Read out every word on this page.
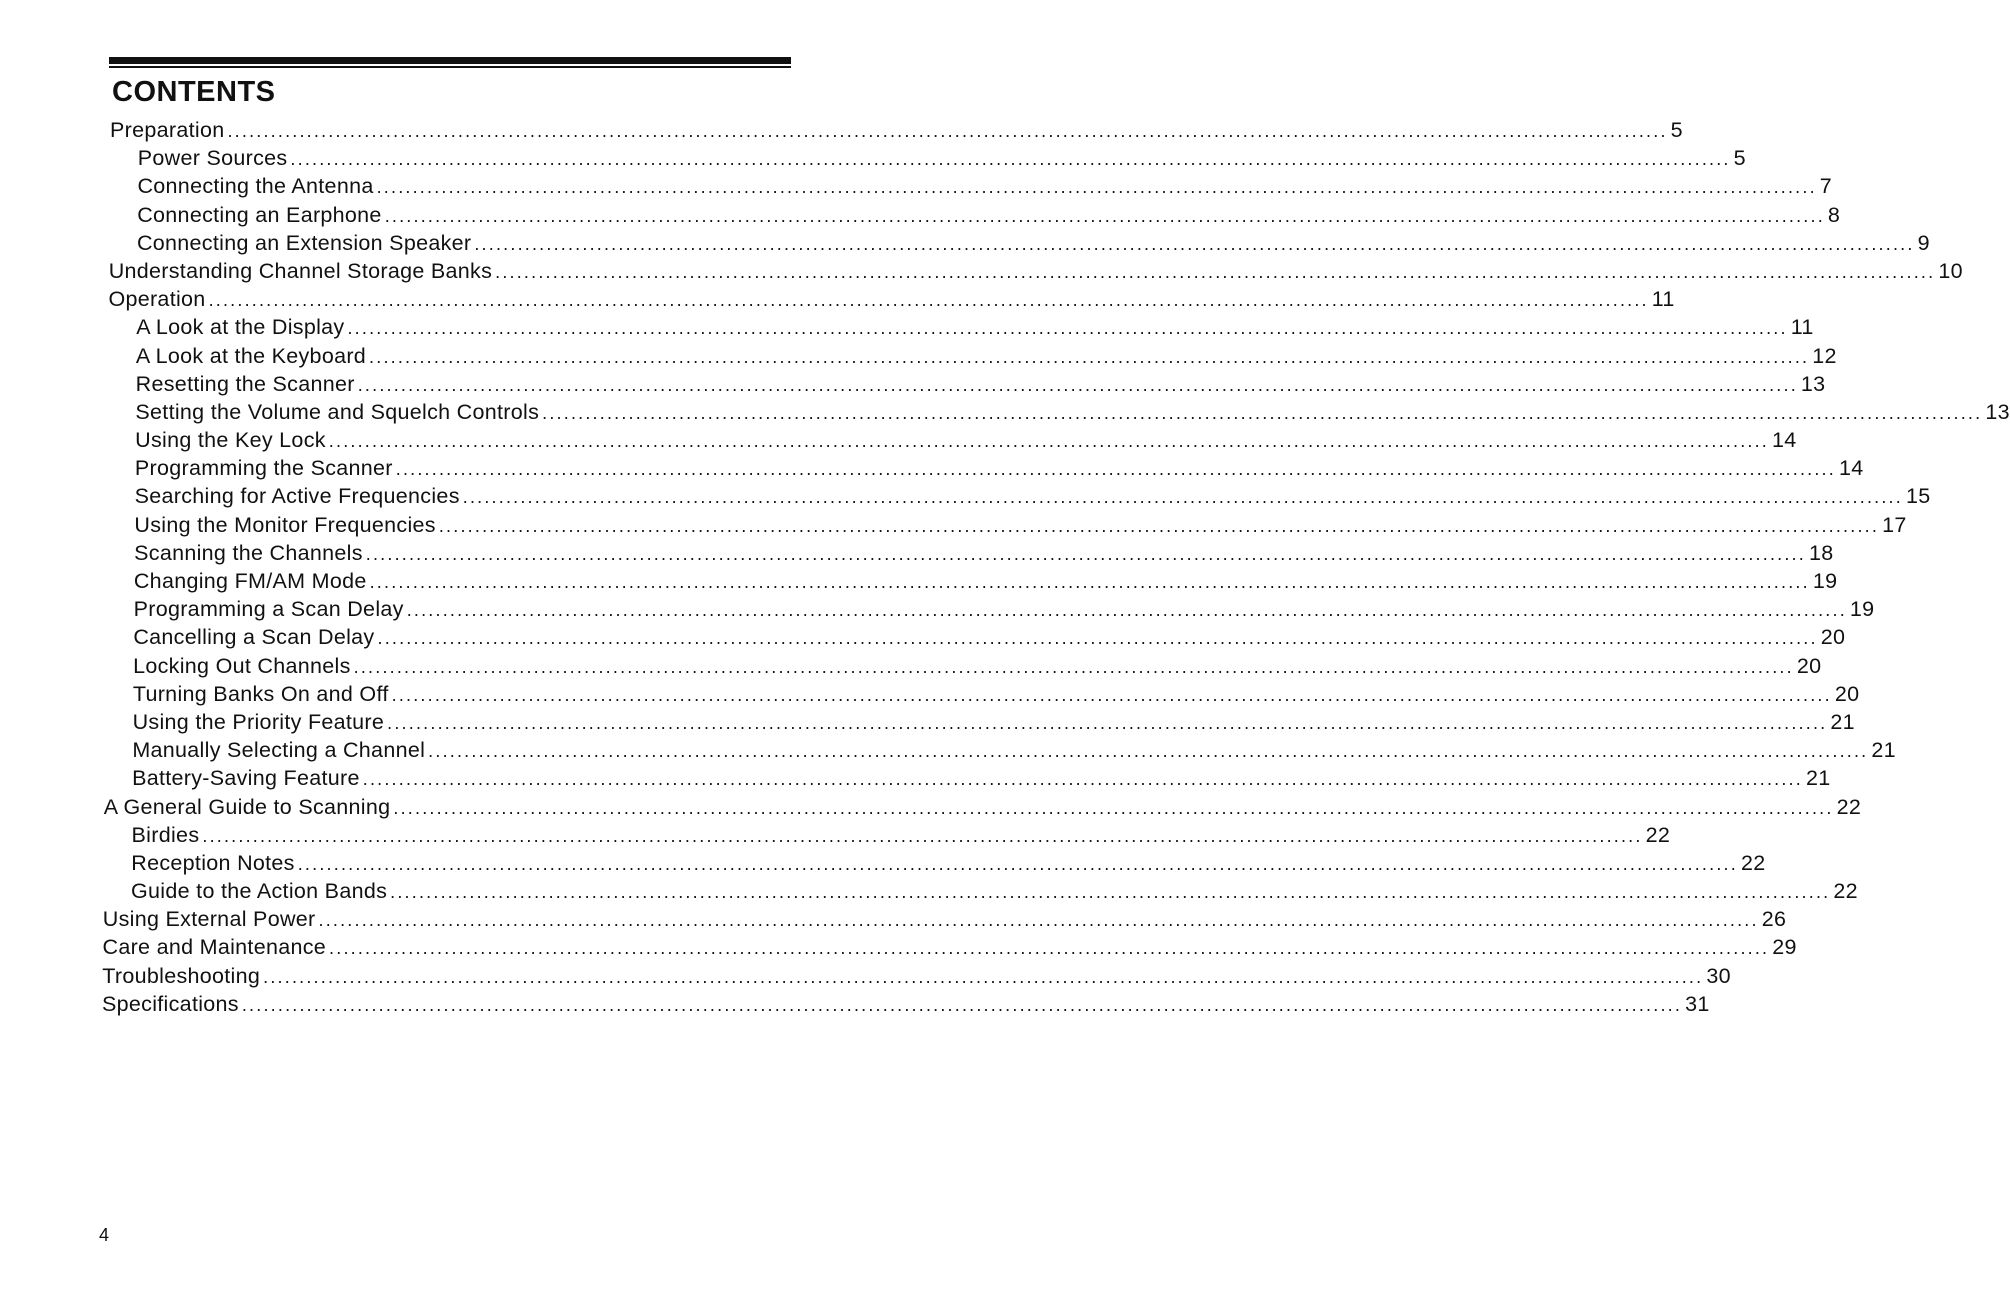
CONTENTS
Preparation ........................................................................................................................................................................................................ 5
Power Sources ........................................................................................................................................................................................................ 5
Connecting the Antenna ........................................................................................................................................................................................................ 7
Connecting an Earphone ........................................................................................................................................................................................................ 8
Connecting an Extension Speaker ........................................................................................................................................................................................................ 9
Understanding Channel Storage Banks ........................................................................................................................................................................................................ 10
Operation ........................................................................................................................................................................................................ 11
A Look at the Display ........................................................................................................................................................................................................ 11
A Look at the Keyboard ........................................................................................................................................................................................................ 12
Resetting the Scanner ........................................................................................................................................................................................................ 13
Setting the Volume and Squelch Controls ........................................................................................................................................................................................................ 13
Using the Key Lock ........................................................................................................................................................................................................ 14
Programming the Scanner ........................................................................................................................................................................................................ 14
Searching for Active Frequencies ........................................................................................................................................................................................................ 15
Using the Monitor Frequencies ........................................................................................................................................................................................................ 17
Scanning the Channels ........................................................................................................................................................................................................ 18
Changing FM/AM Mode ........................................................................................................................................................................................................ 19
Programming a Scan Delay ........................................................................................................................................................................................................ 19
Cancelling a Scan Delay ........................................................................................................................................................................................................ 20
Locking Out Channels ........................................................................................................................................................................................................ 20
Turning Banks On and Off ........................................................................................................................................................................................................ 20
Using the Priority Feature ........................................................................................................................................................................................................ 21
Manually Selecting a Channel ........................................................................................................................................................................................................ 21
Battery-Saving Feature ........................................................................................................................................................................................................ 21
A General Guide to Scanning ........................................................................................................................................................................................................ 22
Birdies ........................................................................................................................................................................................................ 22
Reception Notes ........................................................................................................................................................................................................ 22
Guide to the Action Bands ........................................................................................................................................................................................................ 22
Using External Power ........................................................................................................................................................................................................ 26
Care and Maintenance ........................................................................................................................................................................................................ 29
Troubleshooting ........................................................................................................................................................................................................ 30
Specifications ........................................................................................................................................................................................................ 31
4
